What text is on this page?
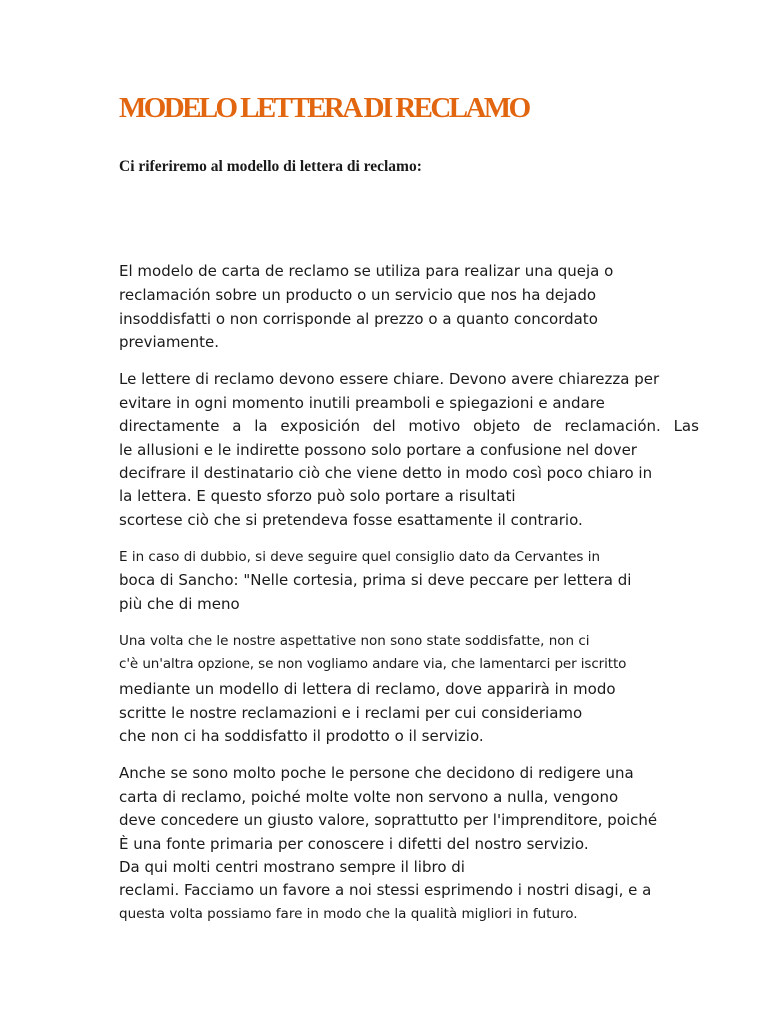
MODELO LETTERA DI RECLAMO

Ci riferiremo al modello di lettera di reclamo:

El modelo de carta de reclamo se utiliza para realizar una queja o

reclamación sobre un producto o un servicio que nos ha dejado

insoddisfatti o non corrisponde al prezzo o a quanto concordato

previamente.

Le lettere di reclamo devono essere chiare. Devono avere chiarezza per

evitare in ogni momento inutili preamboli e spiegazioni e andare

directamente a la exposición del motivo objeto de reclamación. Las

le allusioni e le indirette possono solo portare a confusione nel dover

decifrare il destinatario ciò che viene detto in modo così poco chiaro in

la lettera. E questo sforzo può solo portare a risultati

scortese ciò che si pretendeva fosse esattamente il contrario.

E in caso di dubbio, si deve seguire quel consiglio dato da Cervantes in

boca di Sancho: "Nelle cortesia, prima si deve peccare per lettera di

più che di meno

Una volta che le nostre aspettative non sono state soddisfatte, non ci

c'è un'altra opzione, se non vogliamo andare via, che lamentarci per iscritto

mediante un modello di lettera di reclamo, dove apparirà in modo

scritte le nostre reclamazioni e i reclami per cui consideriamo

che non ci ha soddisfatto il prodotto o il servizio.

Anche se sono molto poche le persone che decidono di redigere una

carta di reclamo, poiché molte volte non servono a nulla, vengono

deve concedere un giusto valore, soprattutto per l'imprenditore, poiché

È una fonte primaria per conoscere i difetti del nostro servizio.

Da qui molti centri mostrano sempre il libro di

reclami. Facciamo un favore a noi stessi esprimendo i nostri disagi, e a

questa volta possiamo fare in modo che la qualità migliori in futuro.
